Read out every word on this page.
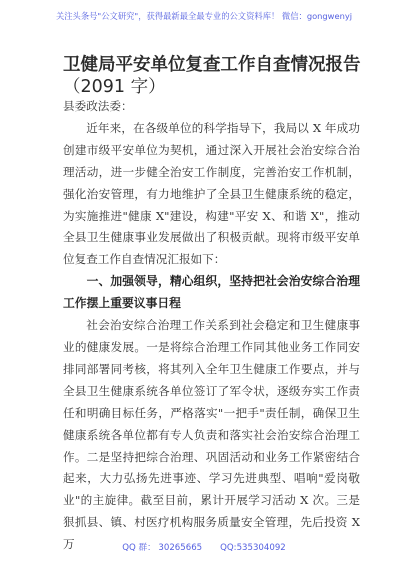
关注头条号"公文研究"，获得最新最全最专业的公文资料库！ 微信：gongwenyj
卫健局平安单位复查工作自查情况报告
（2091 字）

县委政法委：

近年来，在各级单位的科学指导下，我局以 X 年成功创建市级平安单位为契机，通过深入开展社会治安综合治理活动，进一步健全治安工作制度，完善治安工作机制，强化治安管理，有力地维护了全县卫生健康系统的稳定，为实施推进"健康 X"建设，构建"平安 X、和谐 X"，推动全县卫生健康事业发展做出了积极贡献。现将市级平安单位复查工作自查情况汇报如下：

一、加强领导，精心组织，坚持把社会治安综合治理工作摆上重要议事日程

社会治安综合治理工作关系到社会稳定和卫生健康事业的健康发展。一是将综合治理工作同其他业务工作同安排同部署同考核，将其列入全年卫生健康工作要点，并与全县卫生健康系统各单位签订了军令状，逐级夯实工作责任和明确目标任务，严格落实"一把手"责任制，确保卫生健康系统各单位都有专人负责和落实社会治安综合治理工作。二是坚持把综合治理、巩固活动和业务工作紧密结合起来，大力弘扬先进事迹、学习先进典型、唱响"爱岗敬业"的主旋律。截至目前，累计开展学习活动 X 次。三是狠抓县、镇、村医疗机构服务质量安全管理，先后投资 X 万	QQ 群： 30265665 QQ:535304092
